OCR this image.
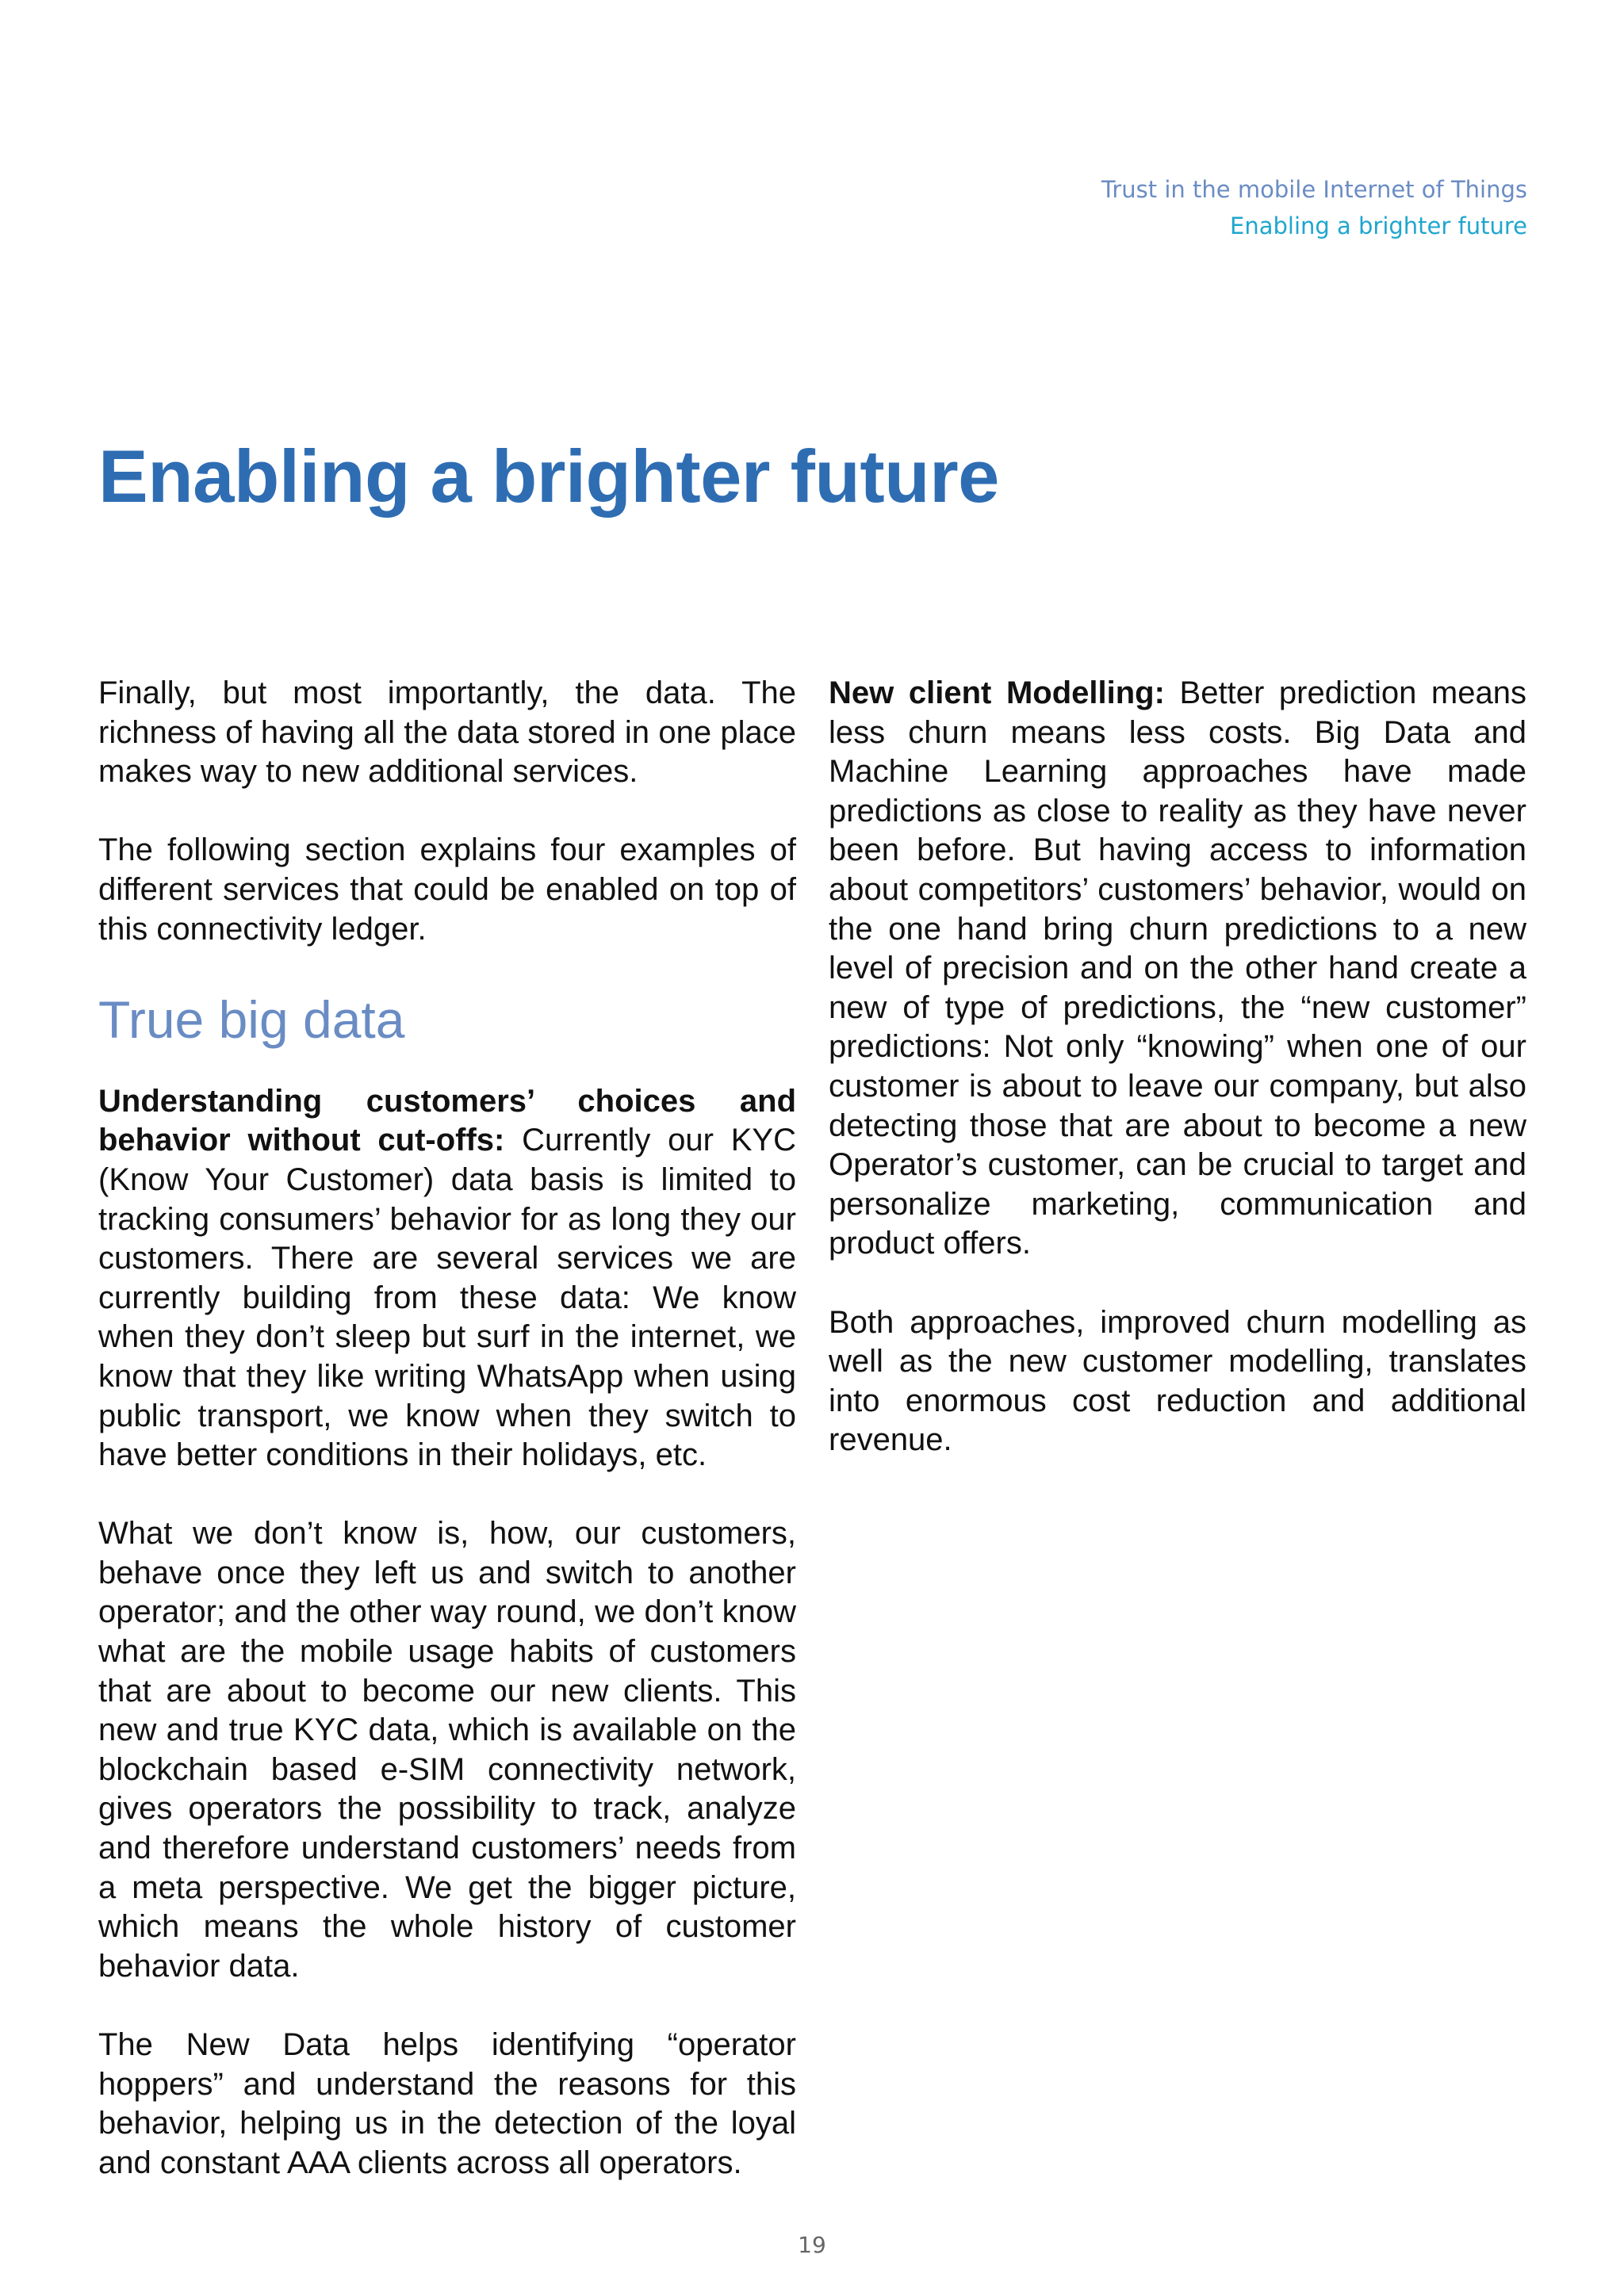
Trust in the mobile Internet of Things
Enabling a brighter future
Enabling a brighter future

Finally, but most importantly, the data. The richness of having all the data stored in one place makes way to new additional services.

The following section explains four examples of different services that could be enabled on top of this connectivity ledger.

True big data

Understanding customers’ choices and behavior without cut-offs: Currently our KYC (Know Your Customer) data basis is limited to tracking consumers’ behavior for as long they our customers. There are several services we are currently building from these data: We know when they don’t sleep but surf in the internet, we know that they like writing WhatsApp when using public transport, we know when they switch to have better conditions in their holidays, etc.

What we don’t know is, how, our customers, behave once they left us and switch to another operator; and the other way round, we don’t know what are the mobile usage habits of customers that are about to become our new clients. This new and true KYC data, which is available on the blockchain based e-SIM connectivity network, gives operators the possibility to track, analyze and therefore understand customers’ needs from a meta perspective. We get the bigger picture, which means the whole history of customer behavior data.

The New Data helps identifying “operator hoppers” and understand the reasons for this behavior, helping us in the detection of the loyal and constant AAA clients across all operators.

New client Modelling: Better prediction means less churn means less costs. Big Data and Machine Learning approaches have made predictions as close to reality as they have never been before. But having access to information about competitors’ customers’ behavior, would on the one hand bring churn predictions to a new level of precision and on the other hand create a new of type of predictions, the “new customer” predictions: Not only “knowing” when one of our customer is about to leave our company, but also detecting those that are about to become a new Operator’s customer, can be crucial to target and personalize marketing, communication and product offers.

Both approaches, improved churn modelling as well as the new customer modelling, translates into enormous cost reduction and additional revenue.

19
